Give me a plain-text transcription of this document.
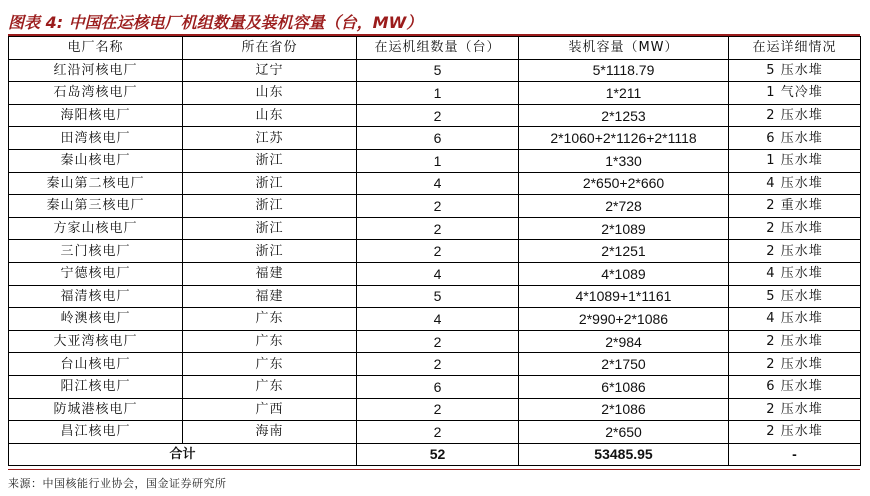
图表 4: 中国在运核电厂机组数量及装机容量（台，MW）
电厂名称	所在省份	在运机组数量（台）	装机容量（MW）	在运详细情况
红沿河核电厂	辽宁	5	5*1118.79	5 压水堆
石岛湾核电厂	山东	1	1*211	1 气冷堆
海阳核电厂	山东	2	2*1253	2 压水堆
田湾核电厂	江苏	6	2*1060+2*1126+2*1118	6 压水堆
秦山核电厂	浙江	1	1*330	1 压水堆
秦山第二核电厂	浙江	4	2*650+2*660	4 压水堆
秦山第三核电厂	浙江	2	2*728	2 重水堆
方家山核电厂	浙江	2	2*1089	2 压水堆
三门核电厂	浙江	2	2*1251	2 压水堆
宁德核电厂	福建	4	4*1089	4 压水堆
福清核电厂	福建	5	4*1089+1*1161	5 压水堆
岭澳核电厂	广东	4	2*990+2*1086	4 压水堆
大亚湾核电厂	广东	2	2*984	2 压水堆
台山核电厂	广东	2	2*1750	2 压水堆
阳江核电厂	广东	6	6*1086	6 压水堆
防城港核电厂	广西	2	2*1086	2 压水堆
昌江核电厂	海南	2	2*650	2 压水堆
合计		52	53485.95	-
来源：中国核能行业协会，国金证券研究所
